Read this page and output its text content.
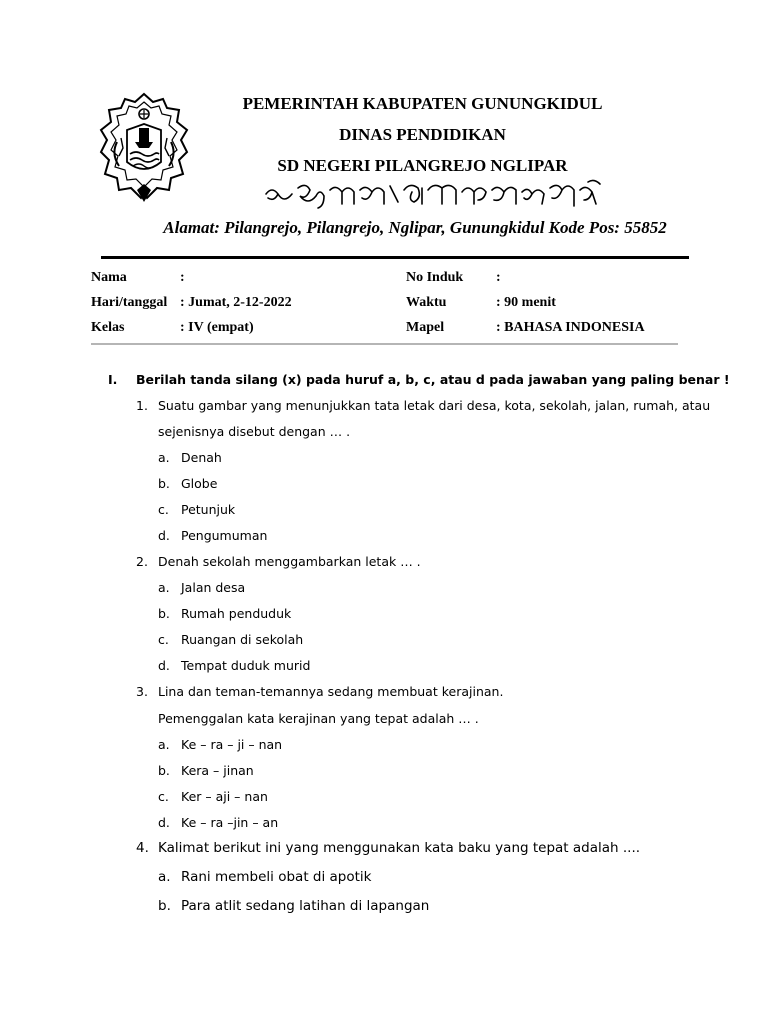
PEMERINTAH KABUPATEN GUNUNGKIDUL
DINAS PENDIDIKAN
SD NEGERI PILANGREJO NGLIPAR
Alamat: Pilangrejo, Pilangrejo, Nglipar, Gunungkidul Kode Pos: 55852
Nama	:	No Induk :
Hari/tanggal : Jumat, 2-12-2022	Waktu	: 90 menit
Kelas	: IV (empat)	Mapel	: BAHASA INDONESIA
I. Berilah tanda silang (x) pada huruf a, b, c, atau d pada jawaban yang paling benar !
1. Suatu gambar yang menunjukkan tata letak dari desa, kota, sekolah, jalan, rumah, atau
sejenisnya disebut dengan … .
a. Denah
b. Globe
c. Petunjuk
d. Pengumuman
2. Denah sekolah menggambarkan letak … .
a. Jalan desa
b. Rumah penduduk
c. Ruangan di sekolah
d. Tempat duduk murid
3. Lina dan teman-temannya sedang membuat kerajinan.
Pemenggalan kata kerajinan yang tepat adalah … .
a. Ke – ra – ji – nan
b. Kera – jinan
c. Ker – aji – nan
d. Ke – ra –jin – an
4. Kalimat berikut ini yang menggunakan kata baku yang tepat adalah ....
a. Rani membeli obat di apotik
b. Para atlit sedang latihan di lapangan
